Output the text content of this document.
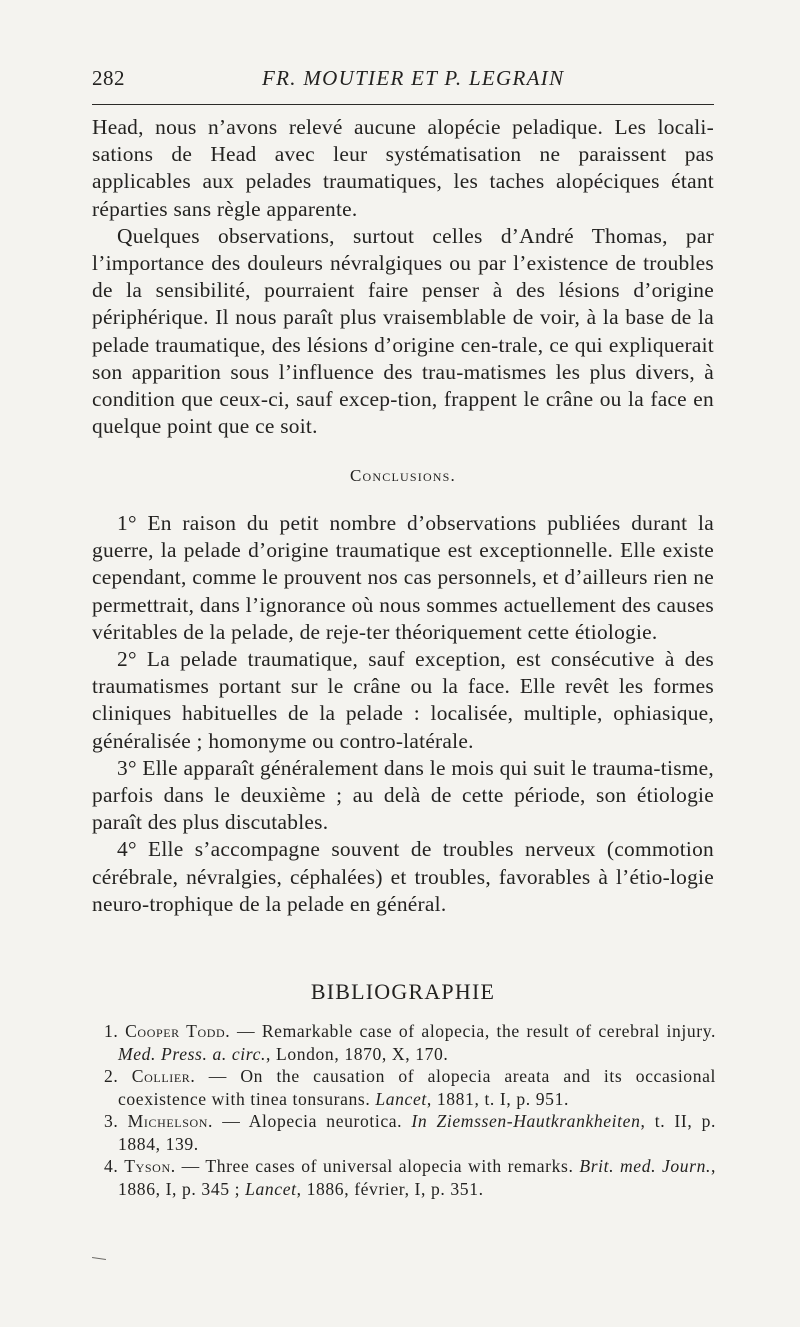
282	FR. MOUTIER ET P. LEGRAIN

Head, nous n’avons relevé aucune alopécie peladique. Les locali-sations de Head avec leur systématisation ne paraissent pas applicables aux pelades traumatiques, les taches alopéciques étant réparties sans règle apparente.

Quelques observations, surtout celles d’André Thomas, par l’importance des douleurs névralgiques ou par l’existence de troubles de la sensibilité, pourraient faire penser à des lésions d’origine périphérique. Il nous paraît plus vraisemblable de voir, à la base de la pelade traumatique, des lésions d’origine cen-trale, ce qui expliquerait son apparition sous l’influence des trau-matismes les plus divers, à condition que ceux-ci, sauf excep-tion, frappent le crâne ou la face en quelque point que ce soit.

Conclusions.

1° En raison du petit nombre d’observations publiées durant la guerre, la pelade d’origine traumatique est exceptionnelle. Elle existe cependant, comme le prouvent nos cas personnels, et d’ailleurs rien ne permettrait, dans l’ignorance où nous sommes actuellement des causes véritables de la pelade, de reje-ter théoriquement cette étiologie.

2° La pelade traumatique, sauf exception, est consécutive à des traumatismes portant sur le crâne ou la face. Elle revêt les formes cliniques habituelles de la pelade : localisée, multiple, ophiasique, généralisée ; homonyme ou contro-latérale.

3° Elle apparaît généralement dans le mois qui suit le trauma-tisme, parfois dans le deuxième ; au delà de cette période, son étiologie paraît des plus discutables.

4° Elle s’accompagne souvent de troubles nerveux (commotion cérébrale, névralgies, céphalées) et troubles, favorables à l’étio-logie neuro-trophique de la pelade en général.

BIBLIOGRAPHIE

1. Cooper Todd. — Remarkable case of alopecia, the result of cerebral injury. Med. Press. a. circ., London, 1870, X, 170.

2. Collier. — On the causation of alopecia areata and its occasional coexistence with tinea tonsurans. Lancet, 1881, t. I, p. 951.

3. Michelson. — Alopecia neurotica. In Ziemssen-Hautkrankheiten, t. II, p. 1884, 139.

4. Tyson. — Three cases of universal alopecia with remarks. Brit. med. Journ., 1886, I, p. 345 ; Lancet, 1886, février, I, p. 351.
